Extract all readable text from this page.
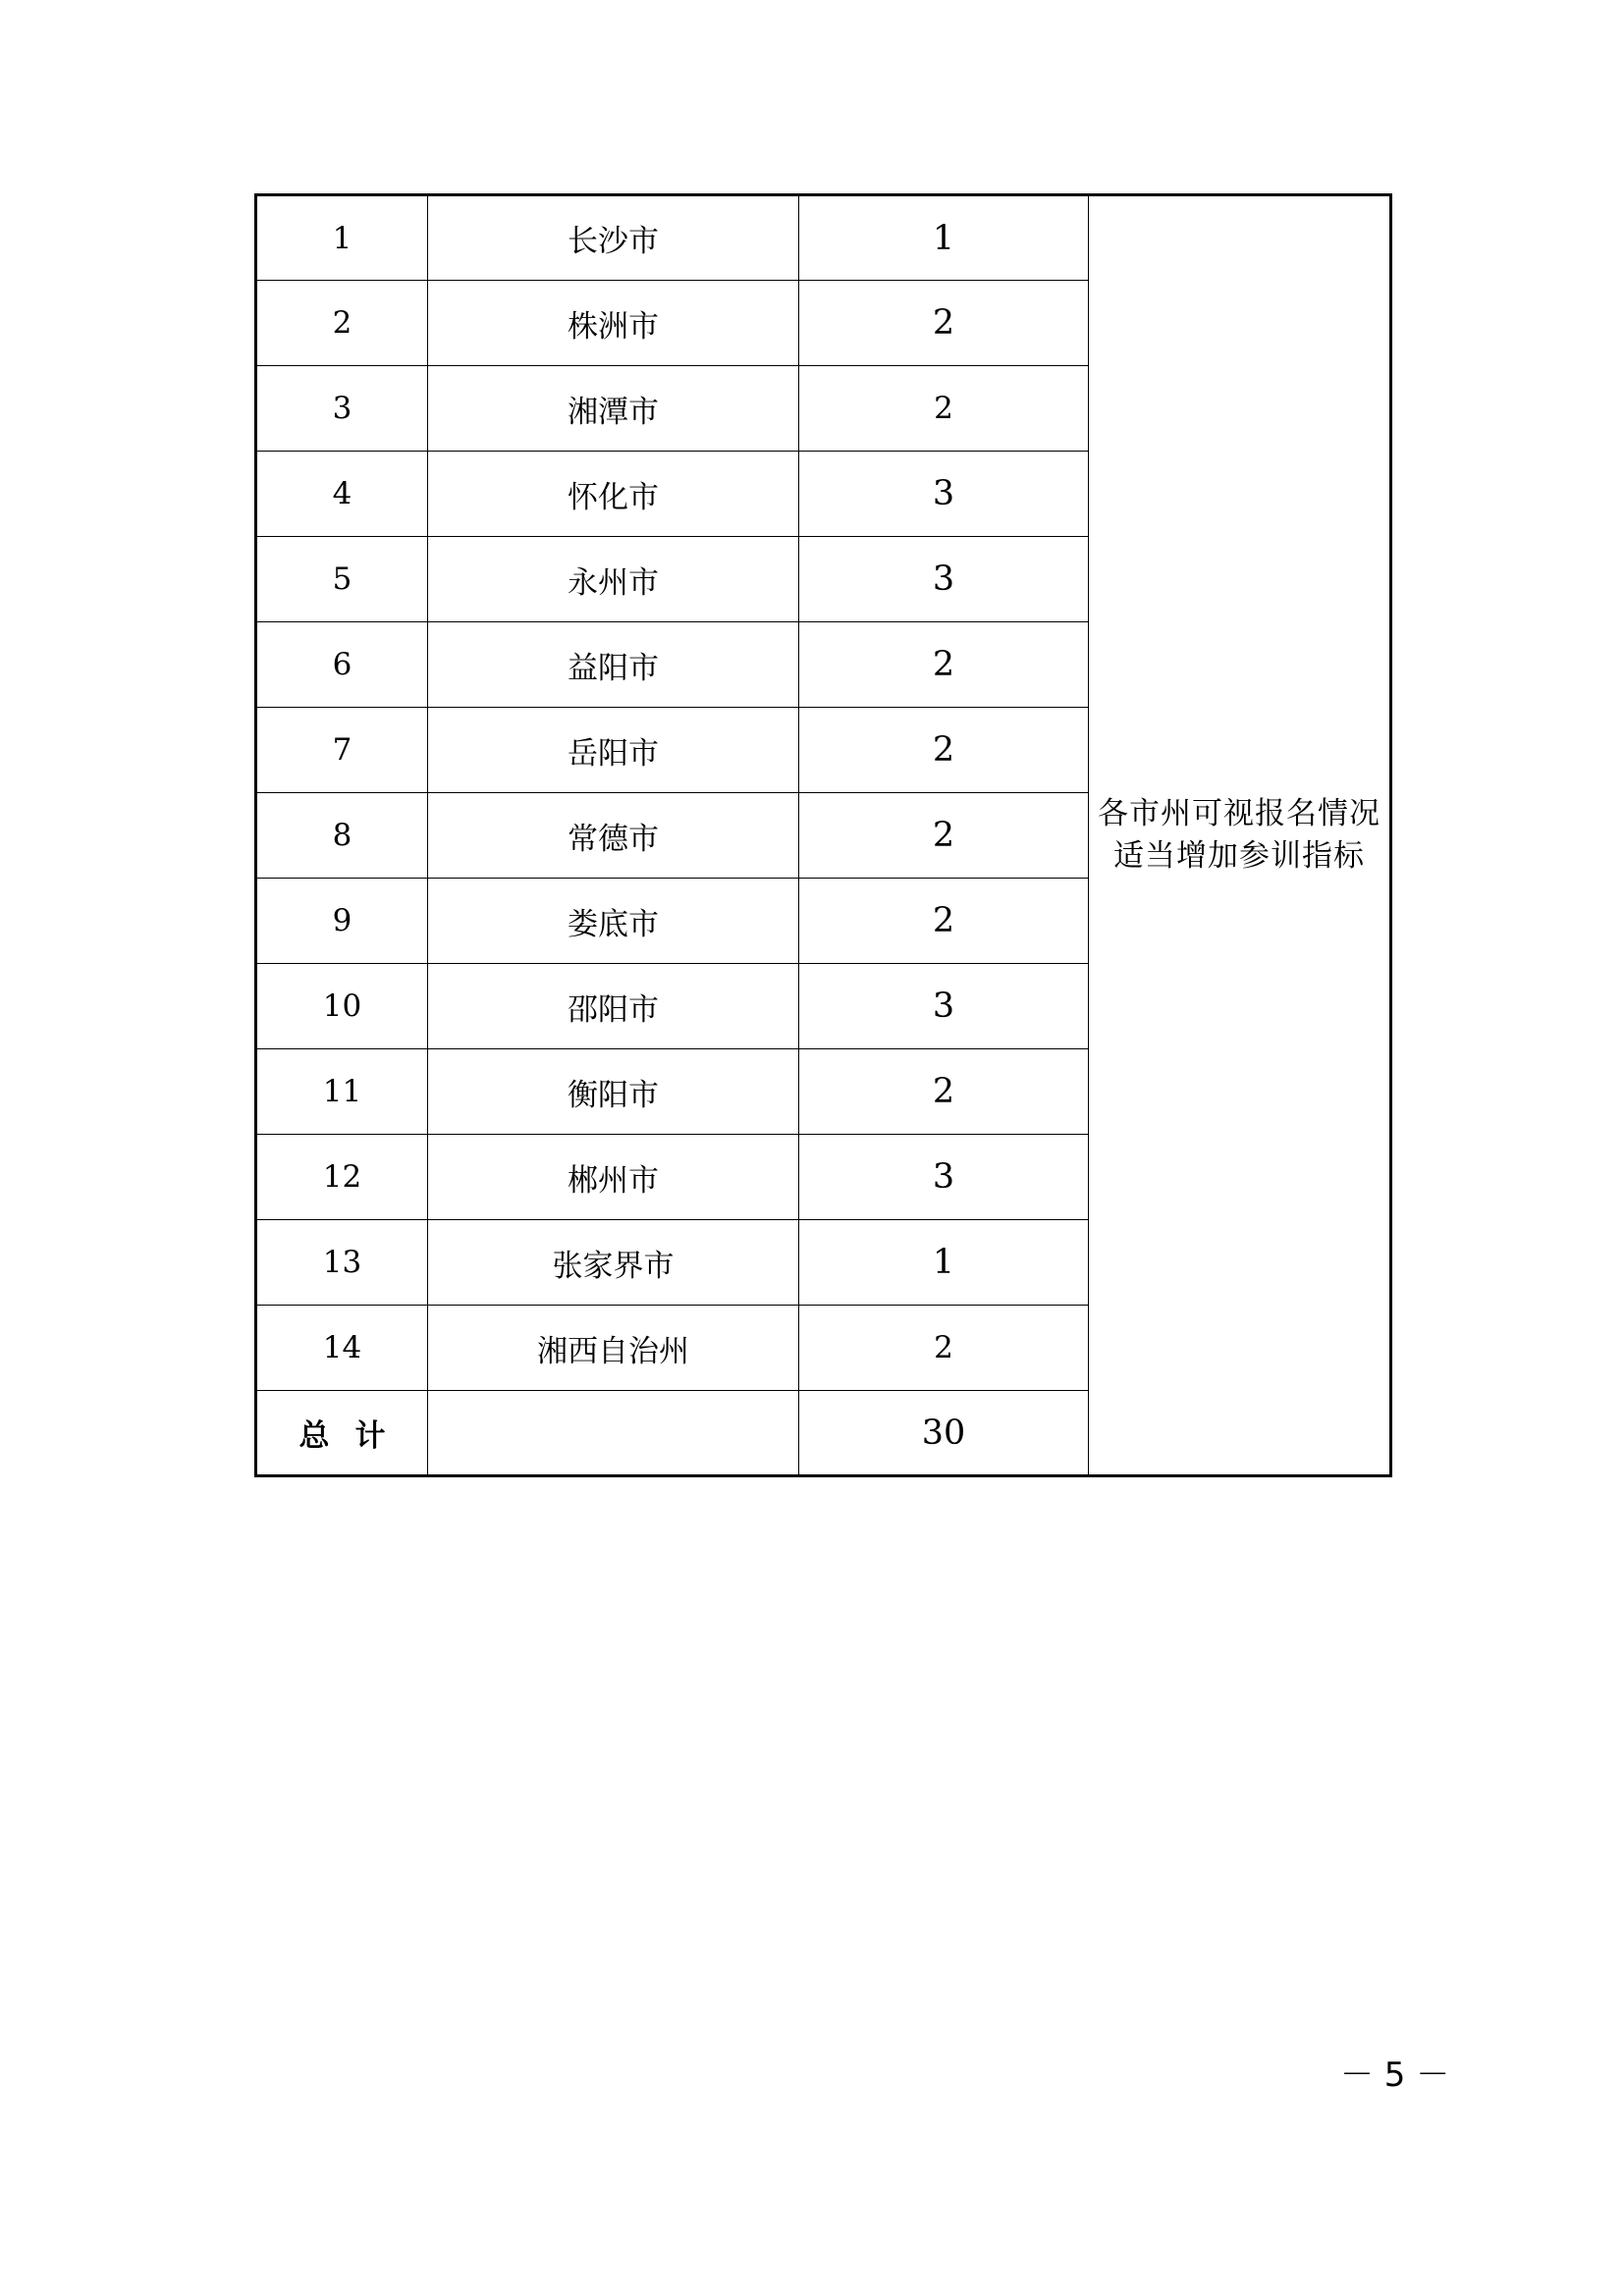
1	长沙市	1	各市州可视报名情况
适当增加参训指标
2	株洲市	2	
3	湘潭市	2	
4	怀化市	3	
5	永州市	3	
6	益阳市	2	
7	岳阳市	2	
8	常德市	2	
9	娄底市	2	
10	邵阳市	3	
11	衡阳市	2	
12	郴州市	3	
13	张家界市	1	
14	湘西自治州	2	
总计		30	
－ 5 －
